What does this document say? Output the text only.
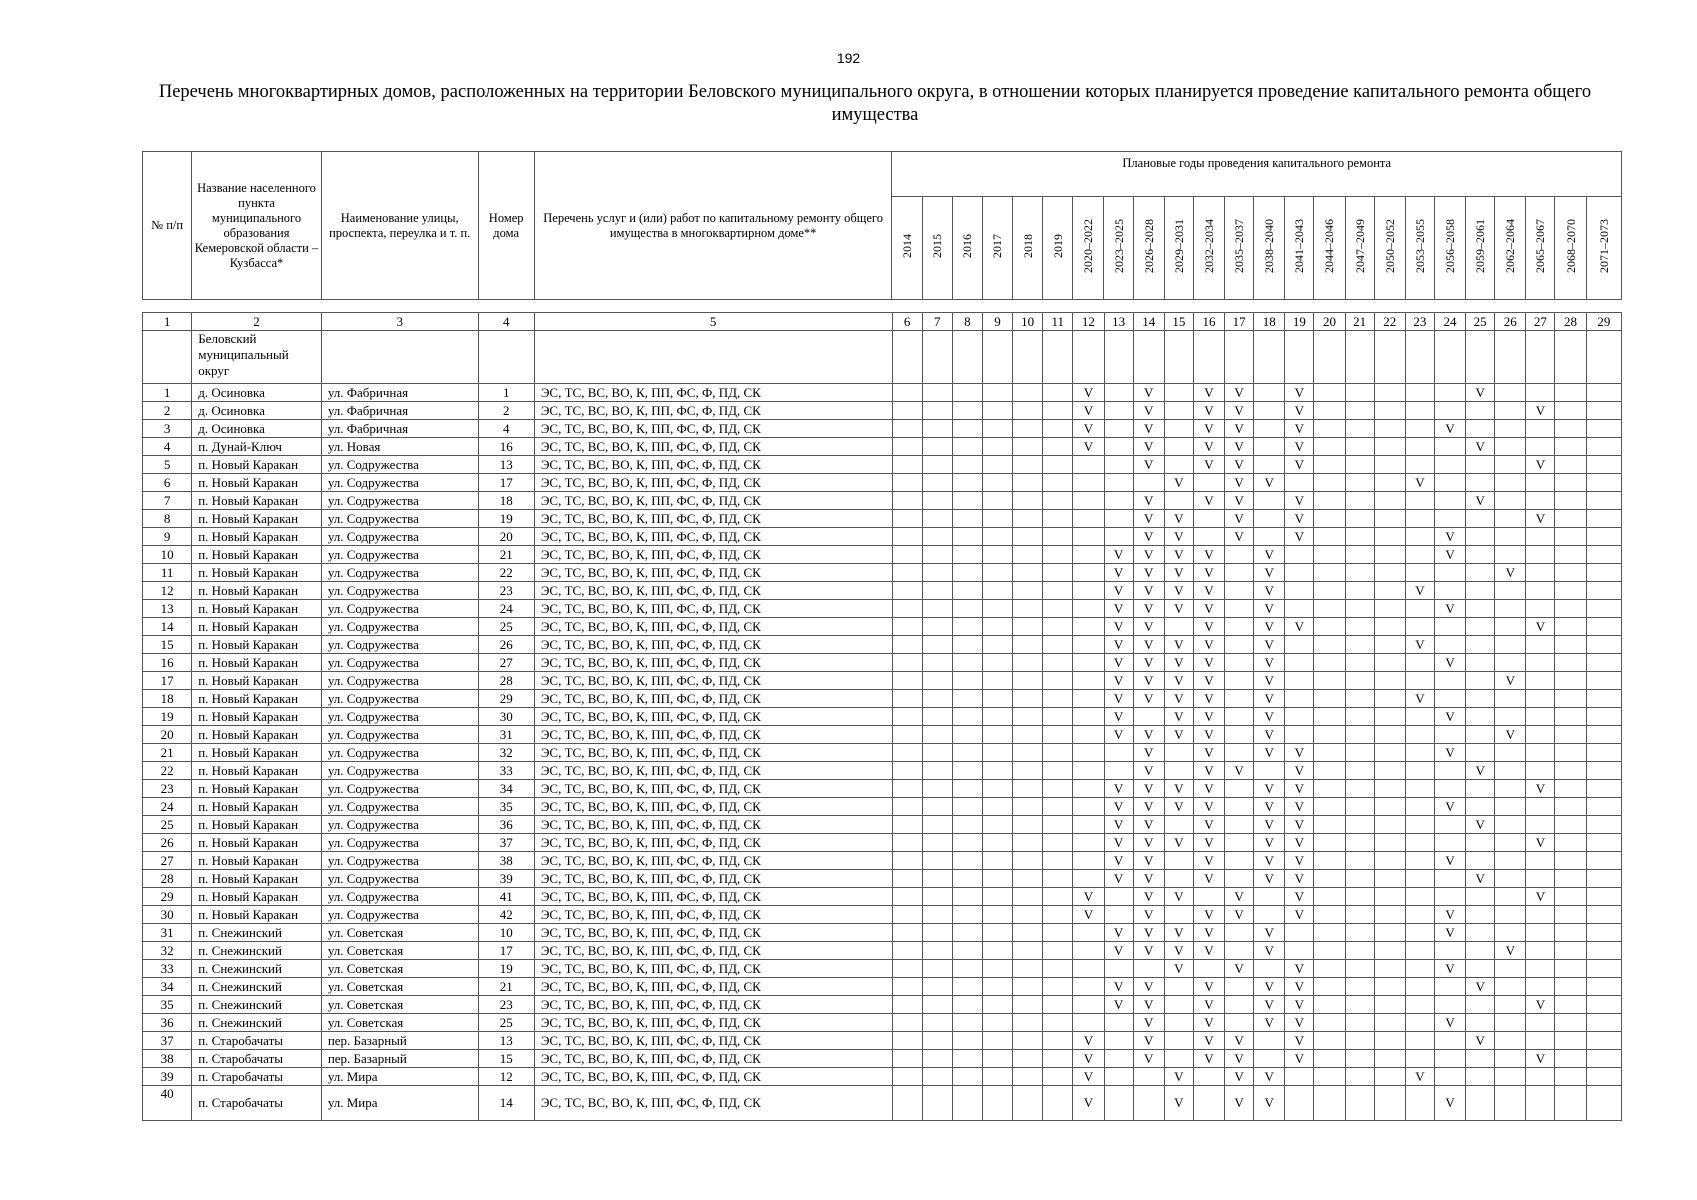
192
Перечень многоквартирных домов, расположенных на территории Беловского муниципального округа, в отношении которых планируется проведение капитального ремонта общего имущества
№ п/п	Название населенного пункта муниципального образования Кемеровской области – Кузбасса*	Наименование улицы, проспекта, переулка и т. п.	Номер дома	Перечень услуг и (или) работ по капитальному ремонту общего имущества в многоквартирном доме**	Плановые годы проведения капитального ремонта																							
					2014	2015	2016	2017	2018	2019	2020–2022	2023–2025	2026–2028	2029–2031	2032–2034	2035–2037	2038–2040	2041–2043	2044–2046	2047–2049	2050–2052	2053–2055	2056–2058	2059–2061	2062–2064	2065–2067	2068–2070	2071–2073
1	2	3	4	5	6	7	8	9	10	11	12	13	14	15	16	17	18	19	20	21	22	23	24	25	26	27	28	29
	Беловский муниципальный округ																											
1	д. Осиновка	ул. Фабричная	1	ЭС, ТС, ВС, ВО, К, ПП, ФС, Ф, ПД, СК							V		V		V	V		V						V				
2	д. Осиновка	ул. Фабричная	2	ЭС, ТС, ВС, ВО, К, ПП, ФС, Ф, ПД, СК							V		V		V	V		V								V		
3	д. Осиновка	ул. Фабричная	4	ЭС, ТС, ВС, ВО, К, ПП, ФС, Ф, ПД, СК							V		V		V	V		V					V					
4	п. Дунай-Ключ	ул. Новая	16	ЭС, ТС, ВС, ВО, К, ПП, ФС, Ф, ПД, СК							V		V		V	V		V						V				
5	п. Новый Каракан	ул. Содружества	13	ЭС, ТС, ВС, ВО, К, ПП, ФС, Ф, ПД, СК									V		V	V		V								V		
6	п. Новый Каракан	ул. Содружества	17	ЭС, ТС, ВС, ВО, К, ПП, ФС, Ф, ПД, СК										V		V	V					V						
7	п. Новый Каракан	ул. Содружества	18	ЭС, ТС, ВС, ВО, К, ПП, ФС, Ф, ПД, СК									V		V	V		V						V				
8	п. Новый Каракан	ул. Содружества	19	ЭС, ТС, ВС, ВО, К, ПП, ФС, Ф, ПД, СК									V	V		V		V								V		
9	п. Новый Каракан	ул. Содружества	20	ЭС, ТС, ВС, ВО, К, ПП, ФС, Ф, ПД, СК									V	V		V		V					V					
10	п. Новый Каракан	ул. Содружества	21	ЭС, ТС, ВС, ВО, К, ПП, ФС, Ф, ПД, СК								V	V	V	V		V						V					
11	п. Новый Каракан	ул. Содружества	22	ЭС, ТС, ВС, ВО, К, ПП, ФС, Ф, ПД, СК								V	V	V	V		V								V			
12	п. Новый Каракан	ул. Содружества	23	ЭС, ТС, ВС, ВО, К, ПП, ФС, Ф, ПД, СК								V	V	V	V		V					V						
13	п. Новый Каракан	ул. Содружества	24	ЭС, ТС, ВС, ВО, К, ПП, ФС, Ф, ПД, СК								V	V	V	V		V						V					
14	п. Новый Каракан	ул. Содружества	25	ЭС, ТС, ВС, ВО, К, ПП, ФС, Ф, ПД, СК								V	V		V		V	V								V		
15	п. Новый Каракан	ул. Содружества	26	ЭС, ТС, ВС, ВО, К, ПП, ФС, Ф, ПД, СК								V	V	V	V		V					V						
16	п. Новый Каракан	ул. Содружества	27	ЭС, ТС, ВС, ВО, К, ПП, ФС, Ф, ПД, СК								V	V	V	V		V						V					
17	п. Новый Каракан	ул. Содружества	28	ЭС, ТС, ВС, ВО, К, ПП, ФС, Ф, ПД, СК								V	V	V	V		V								V			
18	п. Новый Каракан	ул. Содружества	29	ЭС, ТС, ВС, ВО, К, ПП, ФС, Ф, ПД, СК								V	V	V	V		V					V						
19	п. Новый Каракан	ул. Содружества	30	ЭС, ТС, ВС, ВО, К, ПП, ФС, Ф, ПД, СК								V		V	V		V						V					
20	п. Новый Каракан	ул. Содружества	31	ЭС, ТС, ВС, ВО, К, ПП, ФС, Ф, ПД, СК								V	V	V	V		V								V			
21	п. Новый Каракан	ул. Содружества	32	ЭС, ТС, ВС, ВО, К, ПП, ФС, Ф, ПД, СК									V		V		V	V					V					
22	п. Новый Каракан	ул. Содружества	33	ЭС, ТС, ВС, ВО, К, ПП, ФС, Ф, ПД, СК									V		V	V		V						V				
23	п. Новый Каракан	ул. Содружества	34	ЭС, ТС, ВС, ВО, К, ПП, ФС, Ф, ПД, СК								V	V	V	V		V	V								V		
24	п. Новый Каракан	ул. Содружества	35	ЭС, ТС, ВС, ВО, К, ПП, ФС, Ф, ПД, СК								V	V	V	V		V	V					V					
25	п. Новый Каракан	ул. Содружества	36	ЭС, ТС, ВС, ВО, К, ПП, ФС, Ф, ПД, СК								V	V		V		V	V						V				
26	п. Новый Каракан	ул. Содружества	37	ЭС, ТС, ВС, ВО, К, ПП, ФС, Ф, ПД, СК								V	V	V	V		V	V								V		
27	п. Новый Каракан	ул. Содружества	38	ЭС, ТС, ВС, ВО, К, ПП, ФС, Ф, ПД, СК								V	V		V		V	V					V					
28	п. Новый Каракан	ул. Содружества	39	ЭС, ТС, ВС, ВО, К, ПП, ФС, Ф, ПД, СК								V	V		V		V	V						V				
29	п. Новый Каракан	ул. Содружества	41	ЭС, ТС, ВС, ВО, К, ПП, ФС, Ф, ПД, СК							V		V	V		V		V								V		
30	п. Новый Каракан	ул. Содружества	42	ЭС, ТС, ВС, ВО, К, ПП, ФС, Ф, ПД, СК							V		V		V	V		V					V					
31	п. Снежинский	ул. Советская	10	ЭС, ТС, ВС, ВО, К, ПП, ФС, Ф, ПД, СК								V	V	V	V		V						V					
32	п. Снежинский	ул. Советская	17	ЭС, ТС, ВС, ВО, К, ПП, ФС, Ф, ПД, СК								V	V	V	V		V								V			
33	п. Снежинский	ул. Советская	19	ЭС, ТС, ВС, ВО, К, ПП, ФС, Ф, ПД, СК										V		V		V					V					
34	п. Снежинский	ул. Советская	21	ЭС, ТС, ВС, ВО, К, ПП, ФС, Ф, ПД, СК								V	V		V		V	V						V				
35	п. Снежинский	ул. Советская	23	ЭС, ТС, ВС, ВО, К, ПП, ФС, Ф, ПД, СК								V	V		V		V	V								V		
36	п. Снежинский	ул. Советская	25	ЭС, ТС, ВС, ВО, К, ПП, ФС, Ф, ПД, СК									V		V		V	V					V					
37	п. Старобачаты	пер. Базарный	13	ЭС, ТС, ВС, ВО, К, ПП, ФС, Ф, ПД, СК							V		V		V	V		V						V				
38	п. Старобачаты	пер. Базарный	15	ЭС, ТС, ВС, ВО, К, ПП, ФС, Ф, ПД, СК							V		V		V	V		V								V		
39	п. Старобачаты	ул. Мира	12	ЭС, ТС, ВС, ВО, К, ПП, ФС, Ф, ПД, СК							V			V		V	V					V						
40	п. Старобачаты	ул. Мира	14	ЭС, ТС, ВС, ВО, К, ПП, ФС, Ф, ПД, СК							V			V		V	V						V					
